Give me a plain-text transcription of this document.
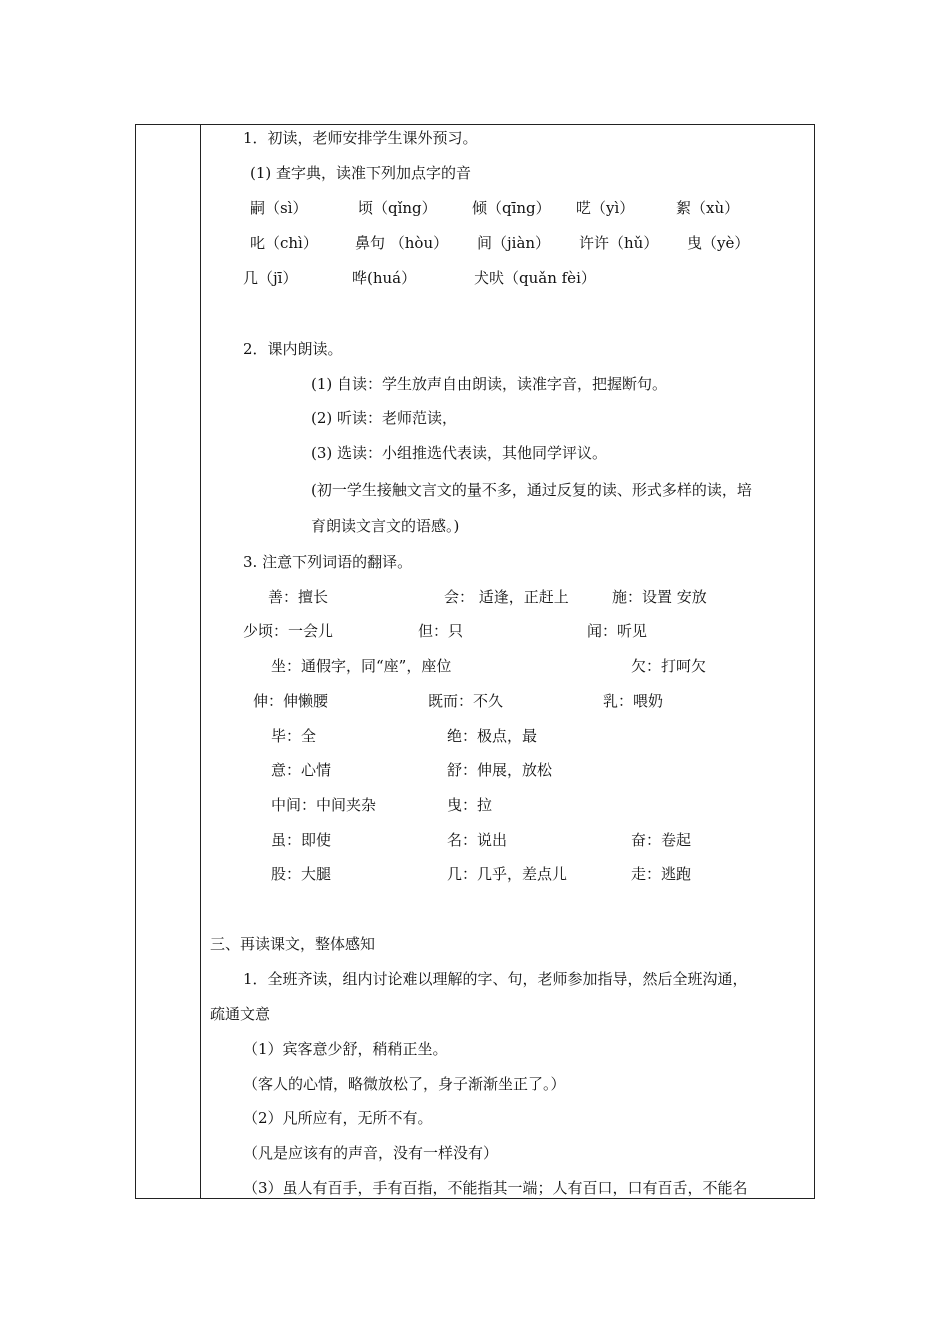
1．初读，老师安排学生课外预习。
(1) 查字典，读准下列加点字的音
嗣（sì）	顷（qǐng） 倾（qīng） 呓（yì）	絮（xù）
叱（chì） 鼻句 （hòu） 间（jiàn） 许许（hǔ） 曳（yè）
几（jī）	哗(huá）	犬吠（quǎn fèi）
2．课内朗读。
(1) 自读：学生放声自由朗读，读准字音，把握断句。
(2) 听读：老师范读，
(3) 选读：小组推选代表读，其他同学评议。
(初一学生接触文言文的量不多，通过反复的读、形式多样的读，培
育朗读文言文的语感。)
3. 注意下列词语的翻译。
善：擅长	会： 适逢，正赶上	施：设置 安放
少顷：一会儿	但：只	闻：听见
坐：通假字，同“座”，座位	欠：打呵欠
伸：伸懒腰	既而：不久	乳：喂奶
毕：全	绝：极点，最
意：心情	舒：伸展，放松
中间：中间夹杂	曳：拉
虽：即使	名：说出	奋：卷起
股：大腿	几：几乎，差点儿	走：逃跑
三、再读课文，整体感知
1．全班齐读，组内讨论难以理解的字、句，老师参加指导，然后全班沟通，
疏通文意
（1）宾客意少舒，稍稍正坐。
（客人的心情，略微放松了，身子渐渐坐正了。）
（2）凡所应有，无所不有。
（凡是应该有的声音，没有一样没有）
（3）虽人有百手，手有百指，不能指其一端；人有百口，口有百舌，不能名
